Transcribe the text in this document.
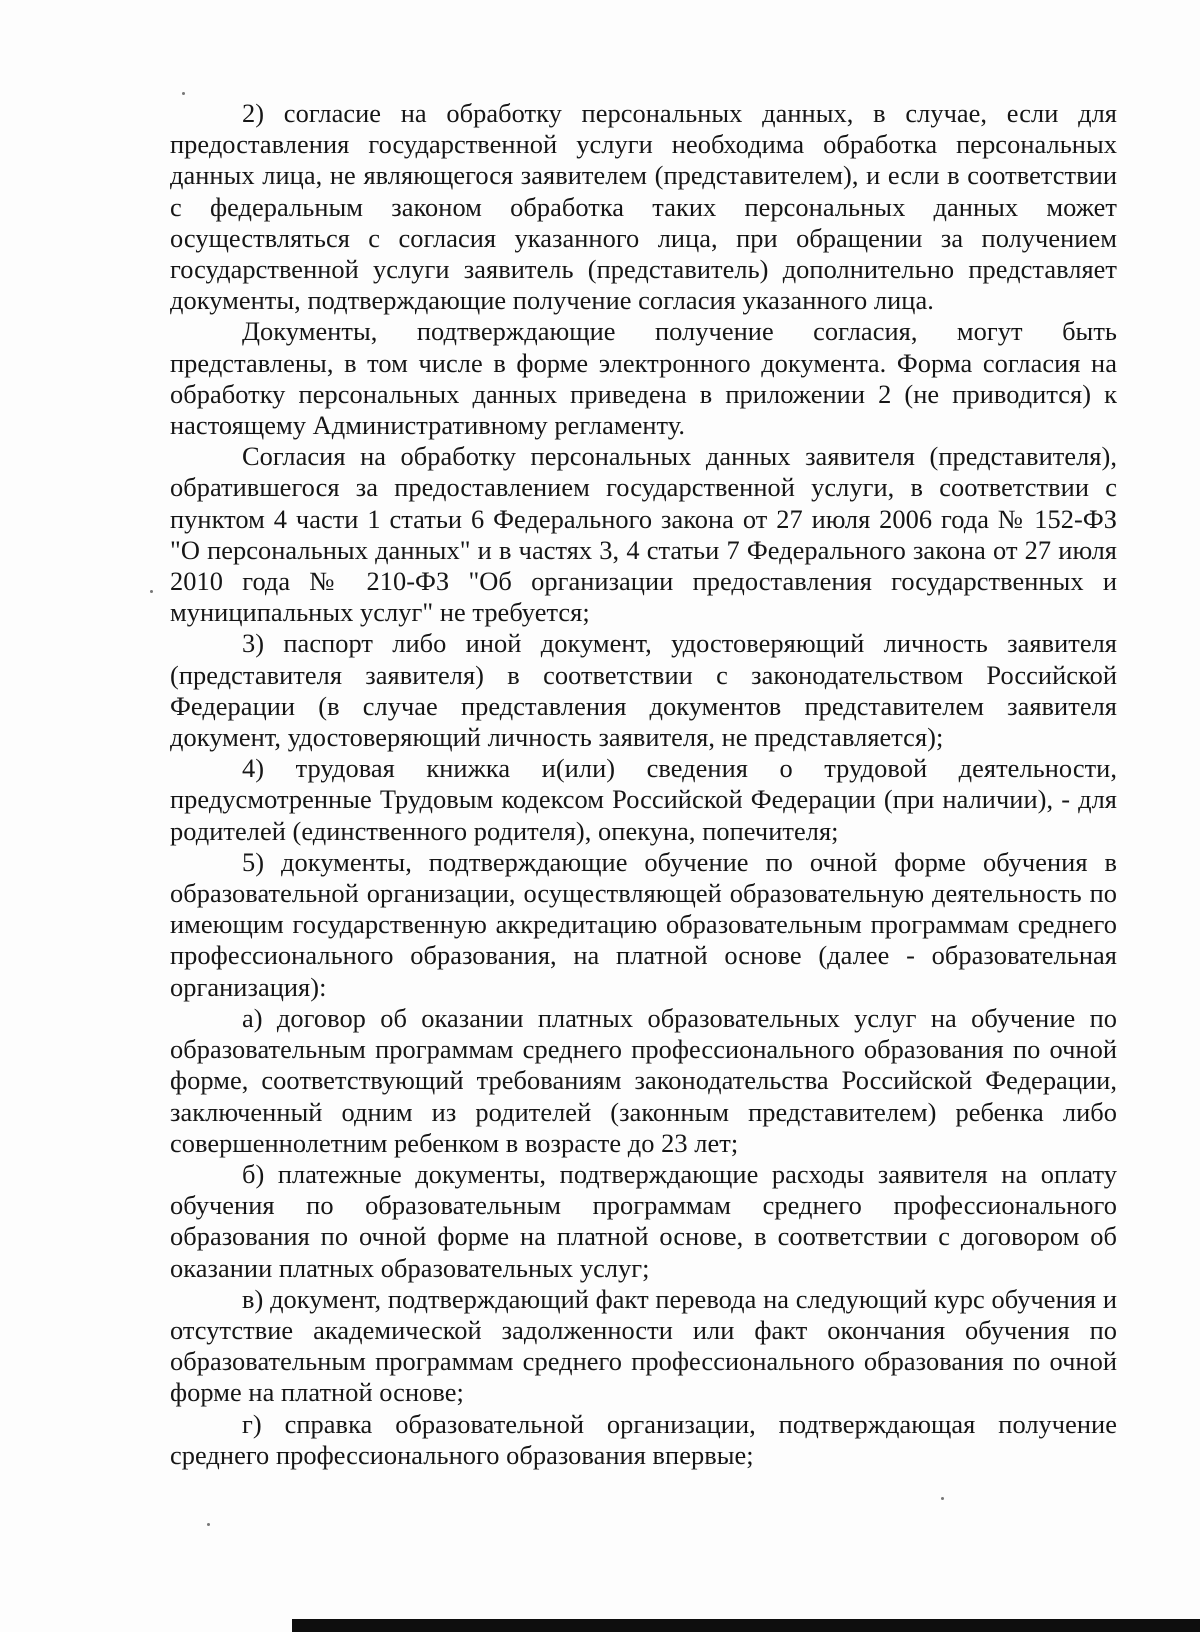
2) согласие на обработку персональных данных, в случае, если для предоставления государственной услуги необходима обработка персональных данных лица, не являющегося заявителем (представителем), и если в соответствии с федеральным законом обработка таких персональных данных может осуществляться с согласия указанного лица, при обращении за получением государственной услуги заявитель (представитель) дополнительно представляет документы, подтверждающие получение согласия указанного лица.

Документы, подтверждающие получение согласия, могут быть представлены, в том числе в форме электронного документа. Форма согласия на обработку персональных данных приведена в приложении 2 (не приводится) к настоящему Административному регламенту.

Согласия на обработку персональных данных заявителя (представителя), обратившегося за предоставлением государственной услуги, в соответствии с пунктом 4 части 1 статьи 6 Федерального закона от 27 июля 2006 года № 152-ФЗ "О персональных данных" и в частях 3, 4 статьи 7 Федерального закона от 27 июля 2010 года № 210-ФЗ "Об организации предоставления государственных и муниципальных услуг" не требуется;

3) паспорт либо иной документ, удостоверяющий личность заявителя (представителя заявителя) в соответствии с законодательством Российской Федерации (в случае представления документов представителем заявителя документ, удостоверяющий личность заявителя, не представляется);

4) трудовая книжка и(или) сведения о трудовой деятельности, предусмотренные Трудовым кодексом Российской Федерации (при наличии), - для родителей (единственного родителя), опекуна, попечителя;

5) документы, подтверждающие обучение по очной форме обучения в образовательной организации, осуществляющей образовательную деятельность по имеющим государственную аккредитацию образовательным программам среднего профессионального образования, на платной основе (далее - образовательная организация):

а) договор об оказании платных образовательных услуг на обучение по образовательным программам среднего профессионального образования по очной форме, соответствующий требованиям законодательства Российской Федерации, заключенный одним из родителей (законным представителем) ребенка либо совершеннолетним ребенком в возрасте до 23 лет;

б) платежные документы, подтверждающие расходы заявителя на оплату обучения по образовательным программам среднего профессионального образования по очной форме на платной основе, в соответствии с договором об оказании платных образовательных услуг;

в) документ, подтверждающий факт перевода на следующий курс обучения и отсутствие академической задолженности или факт окончания обучения по образовательным программам среднего профессионального образования по очной форме на платной основе;

г) справка образовательной организации, подтверждающая получение среднего профессионального образования впервые;
